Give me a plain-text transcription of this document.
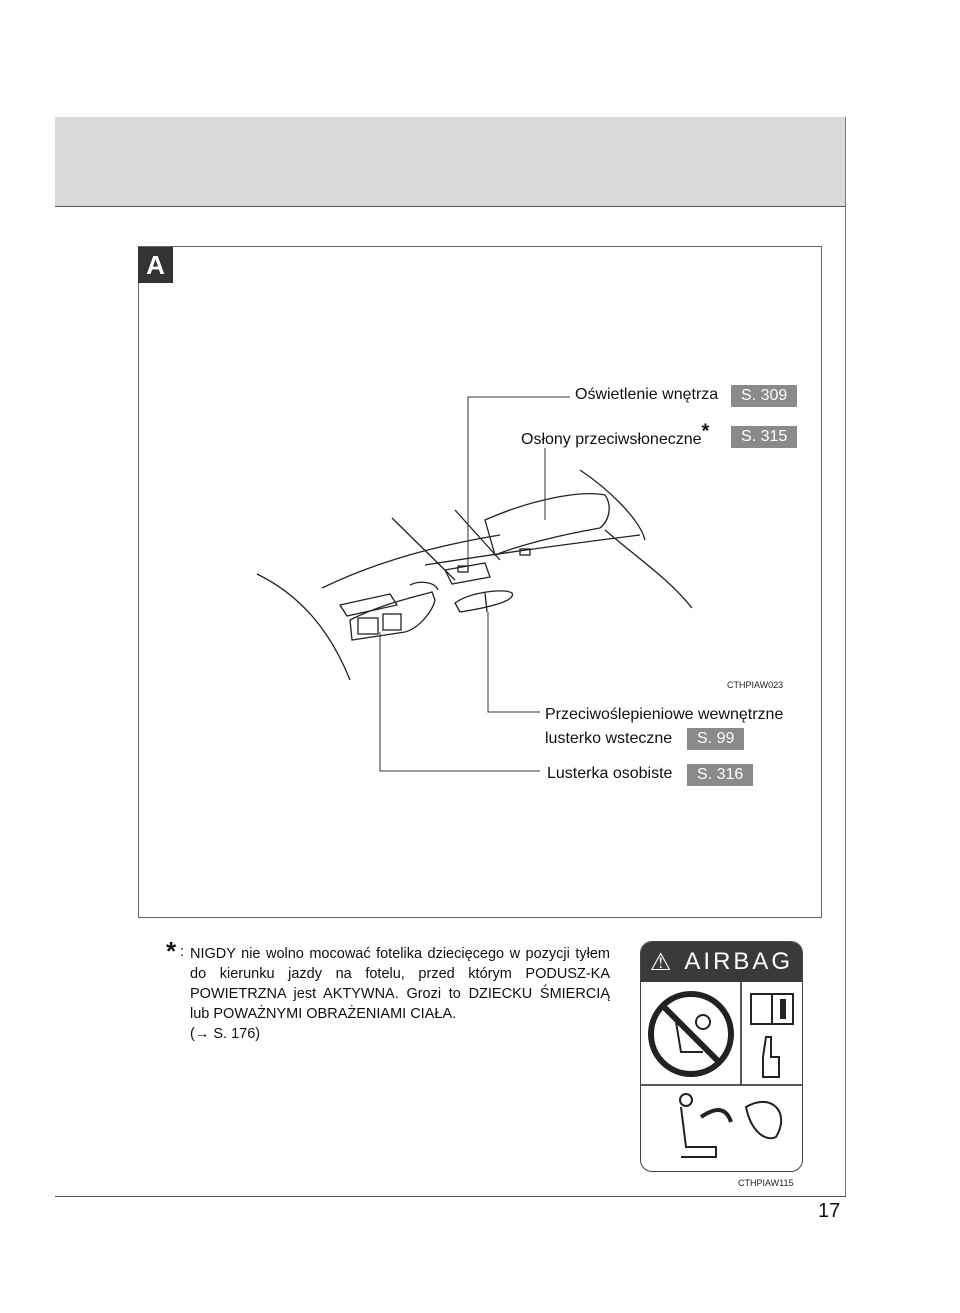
A
Oświetlenie wnętrza	S. 309
Osłony przeciwsłoneczne*	S. 315
CTHPIAW023
Przeciwoślepieniowe wewnętrzne
lusterko wsteczne	S. 99
Lusterka osobiste	S. 316
* : NIGDY nie wolno mocować fotelika dziecięcego w pozycji tyłem do kierunku jazdy na fotelu, przed którym PODUSZ-KA POWIETRZNA jest AKTYWNA. Grozi to DZIECKU ŚMIERCIĄ lub POWAŻNYMI OBRAŻENIAMI CIAŁA.
(→ S. 176)
⚠ AIRBAG
CTHPIAW115
17
